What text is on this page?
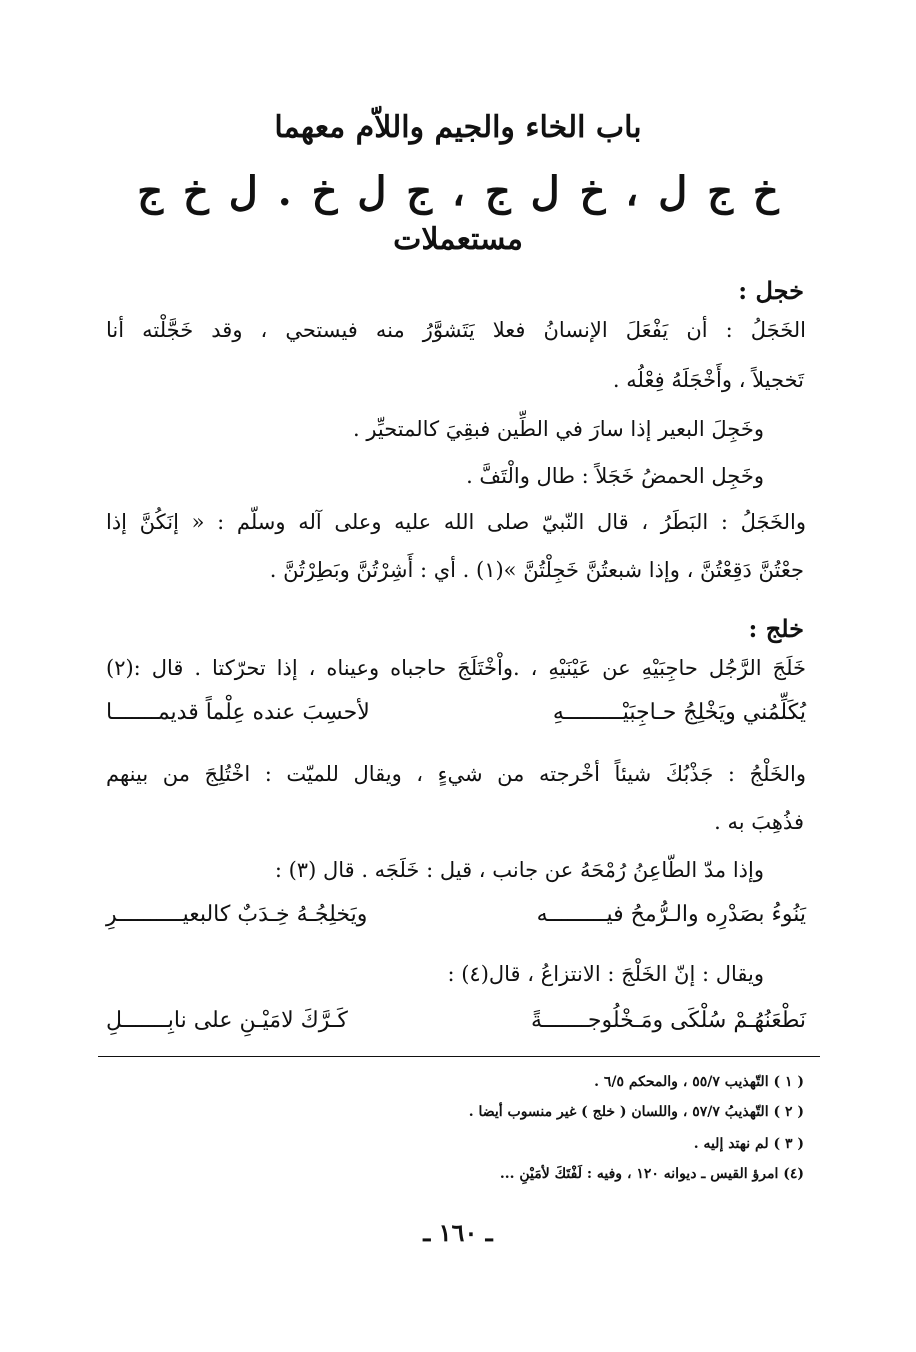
باب الخاء والجيم واللاّم معهما
خ ج ل ، خ ل ج ، ج ل خ . ل خ ج
مستعملات
خجل :
الخَجَلُ : أن يَفْعَلَ الإنسانُ فعلا يَتَشوَّرُ منه فيستحي ، وقد خَجَّلْته أنا
تَخجيلاً ، وأَخْجَلَهُ فِعْلُه .
وخَجِلَ البعير إذا سارَ في الطِّين فبقِيَ كالمتحيِّر .
وخَجِل الحمضُ خَجَلاً : طال والْتَفَّ .
والخَجَلُ : البَطَرُ ، قال النّبيّ صلى الله عليه وعلى آله وسلّم : « إنَكُنَّ إذا
جعْتُنَّ دَقِعْتُنَّ ، وإذا شبعتُنَّ خَجِلْتُنَّ »(١) . أي : أَشِرْتُنَّ وبَطِرْتُنَّ .
خلج :
خَلَجَ الرَّجُل حاجِبَيْهِ عن عَيْنَيْهِ ، .واْخْتَلَجَ حاجباه وعيناه ، إذا تحرّكتا . قال :(٢)
يُكَلِّمُني ويَخْلِجُ حـاجِبَيْـــــــــهِ
لأحسِبَ عنده عِلْماً قديمـــــــا
والخَلْجُ : جَذْبُكَ شيئاً أخْرجته من شيءٍ ، ويقال للميّت : اخْتُلِجَ من بينهم
فذُهِبَ به .
وإذا مدّ الطّاعِنُ رُمْحَهُ عن جانب ، قيل : خَلَجَه . قال (٣) :
يَنُوءُ بصَدْرِه والـرُّمحُ فيـــــــــه
ويَخلِجُـهُ خِـدَبٌ كالبعيــــــــــرِ
ويقال : إنّ الخَلْجَ : الانتزاعُ ، قال(٤) :
نَطْعَنُهُـمْ سُلْكَى ومَـخْلُوجـــــــةً
كَـرَّكَ لامَيْـنِ على نابِـــــــلِ
( ١ ) التّهذيب ٥٥/٧ ، والمحكم ٦/٥ .
( ٢ ) التّهذيبُ ٥٧/٧ ، واللسان ( خلج ) غير منسوب أيضا .
( ٣ ) لم نهتد إليه .
(٤) امرؤ القيس ـ ديوانه ١٢٠ ، وفيه : لَفْتَكَ لأمَيْنِ ...
ـ ١٦٠ ـ
